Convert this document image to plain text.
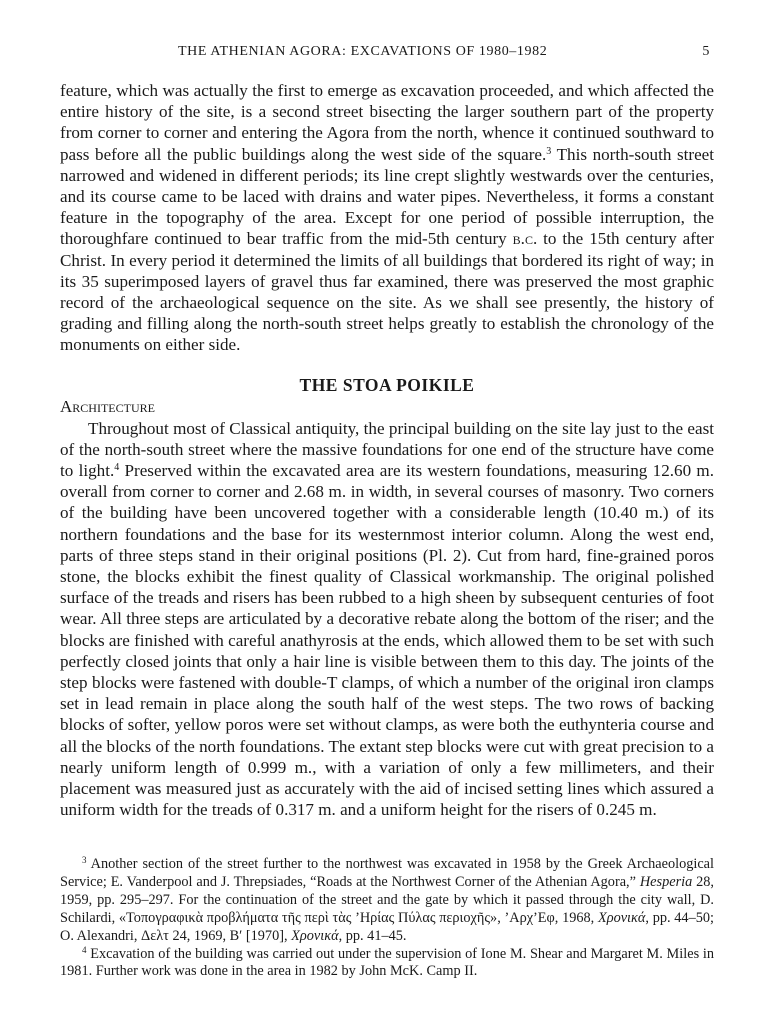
THE ATHENIAN AGORA: EXCAVATIONS OF 1980–1982	5

feature, which was actually the first to emerge as excavation proceeded, and which affected the entire history of the site, is a second street bisecting the larger southern part of the property from corner to corner and entering the Agora from the north, whence it continued southward to pass before all the public buildings along the west side of the square.$^3$ This north-south street narrowed and widened in different periods; its line crept slightly westwards over the centuries, and its course came to be laced with drains and water pipes. Nevertheless, it forms a constant feature in the topography of the area. Except for one period of possible interruption, the thoroughfare continued to bear traffic from the mid-5th century b.c. to the 15th century after Christ. In every period it determined the limits of all buildings that bordered its right of way; in its 35 superimposed layers of gravel thus far examined, there was preserved the most graphic record of the archaeological sequence on the site. As we shall see presently, the history of grading and filling along the north-south street helps greatly to establish the chronology of the monuments on either side.

THE STOA POIKILE

Architecture

Throughout most of Classical antiquity, the principal building on the site lay just to the east of the north-south street where the massive foundations for one end of the structure have come to light.$^4$ Preserved within the excavated area are its western foundations, measuring 12.60 m. overall from corner to corner and 2.68 m. in width, in several courses of masonry. Two corners of the building have been uncovered together with a considerable length (10.40 m.) of its northern foundations and the base for its westernmost interior column. Along the west end, parts of three steps stand in their original positions (Pl. 2). Cut from hard, fine-grained poros stone, the blocks exhibit the finest quality of Classical workmanship. The original polished surface of the treads and risers has been rubbed to a high sheen by subsequent centuries of foot wear. All three steps are articulated by a decorative rebate along the bottom of the riser; and the blocks are finished with careful anathyrosis at the ends, which allowed them to be set with such perfectly closed joints that only a hair line is visible between them to this day. The joints of the step blocks were fastened with double-T clamps, of which a number of the original iron clamps set in lead remain in place along the south half of the west steps. The two rows of backing blocks of softer, yellow poros were set without clamps, as were both the euthynteria course and all the blocks of the north foundations. The extant step blocks were cut with great precision to a nearly uniform length of 0.999 m., with a variation of only a few millimeters, and their placement was measured just as accurately with the aid of incised setting lines which assured a uniform width for the treads of 0.317 m. and a uniform height for the risers of 0.245 m.

$^3$ Another section of the street further to the northwest was excavated in 1958 by the Greek Archaeological Service; E. Vanderpool and J. Threpsiades, “Roads at the Northwest Corner of the Athenian Agora,” Hesperia 28, 1959, pp. 295–297. For the continuation of the street and the gate by which it passed through the city wall, D. Schilardi, «Τοπογραφικὰ προβλήματα τῆς περὶ τὰς ’Ηρίας Πύλας περιοχῆς», ’Αρχ’Εφ, 1968, Χρονικά, pp. 44–50; O. Alexandri, Δελτ 24, 1969, B′ [1970], Χρονικά, pp. 41–45.

$^4$ Excavation of the building was carried out under the supervision of Ione M. Shear and Margaret M. Miles in 1981. Further work was done in the area in 1982 by John McK. Camp II.
